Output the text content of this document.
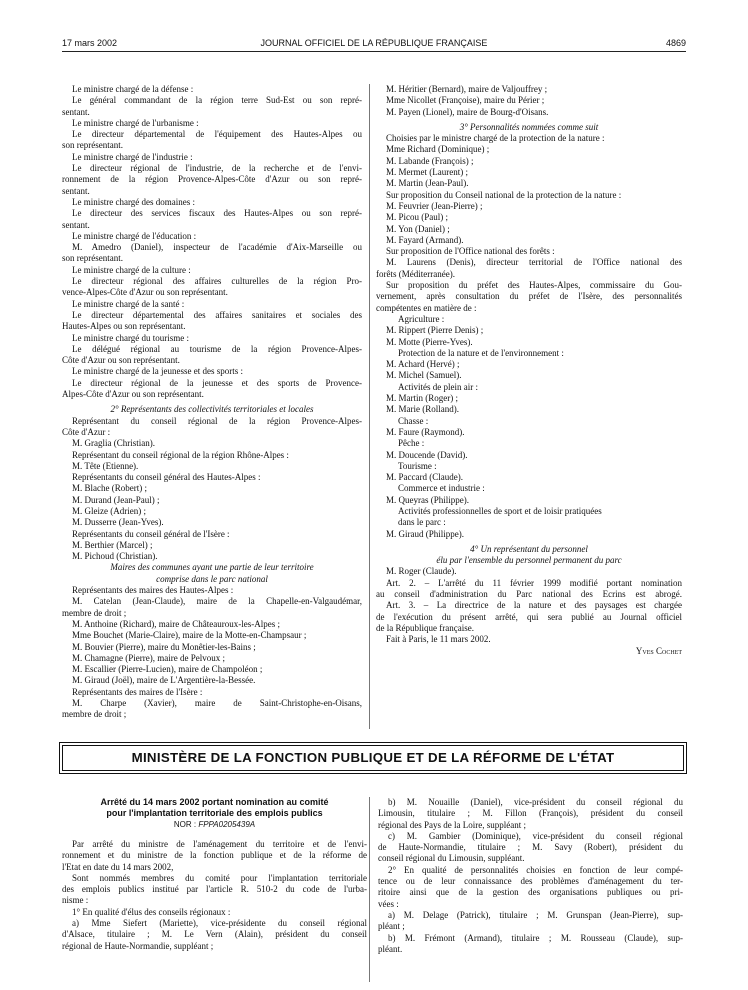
17 mars 2002	JOURNAL OFFICIEL DE LA RÉPUBLIQUE FRANÇAISE	4869
Le ministre chargé de la défense :
Le général commandant de la région terre Sud-Est ou son repré-
sentant.
Le ministre chargé de l'urbanisme :
Le directeur départemental de l'équipement des Hautes-Alpes ou
son représentant.
Le ministre chargé de l'industrie :
Le directeur régional de l'industrie, de la recherche et de l'envi-
ronnement de la région Provence-Alpes-Côte d'Azur ou son repré-
sentant.
Le ministre chargé des domaines :
Le directeur des services fiscaux des Hautes-Alpes ou son repré-
sentant.
Le ministre chargé de l'éducation :
M. Amedro (Daniel), inspecteur de l'académie d'Aix-Marseille ou
son représentant.
Le ministre chargé de la culture :
Le directeur régional des affaires culturelles de la région Pro-
vence-Alpes-Côte d'Azur ou son représentant.
Le ministre chargé de la santé :
Le directeur départemental des affaires sanitaires et sociales des
Hautes-Alpes ou son représentant.
Le ministre chargé du tourisme :
Le délégué régional au tourisme de la région Provence-Alpes-
Côte d'Azur ou son représentant.
Le ministre chargé de la jeunesse et des sports :
Le directeur régional de la jeunesse et des sports de Provence-
Alpes-Côte d'Azur ou son représentant.
2° Représentants des collectivités territoriales et locales
Représentant du conseil régional de la région Provence-Alpes-
Côte d'Azur :
M. Graglia (Christian).
Représentant du conseil régional de la région Rhône-Alpes :
M. Tête (Etienne).
Représentants du conseil général des Hautes-Alpes :
M. Blache (Robert) ;
M. Durand (Jean-Paul) ;
M. Gleize (Adrien) ;
M. Dusserre (Jean-Yves).
Représentants du conseil général de l'Isère :
M. Berthier (Marcel) ;
M. Pichoud (Christian).
Maires des communes ayant une partie de leur territoire
comprise dans le parc national
Représentants des maires des Hautes-Alpes :
M. Catelan (Jean-Claude), maire de la Chapelle-en-Valgaudémar,
membre de droit ;
M. Anthoine (Richard), maire de Châteauroux-les-Alpes ;
Mme Bouchet (Marie-Claire), maire de la Motte-en-Champsaur ;
M. Bouvier (Pierre), maire du Monêtier-les-Bains ;
M. Chamagne (Pierre), maire de Pelvoux ;
M. Escallier (Pierre-Lucien), maire de Champoléon ;
M. Giraud (Joël), maire de L'Argentière-la-Bessée.
Représentants des maires de l'Isère :
M. Charpe (Xavier), maire de Saint-Christophe-en-Oisans,
membre de droit ;
M. Héritier (Bernard), maire de Valjouffrey ;
Mme Nicollet (Françoise), maire du Périer ;
M. Payen (Lionel), maire de Bourg-d'Oisans.
3° Personnalités nommées comme suit
Choisies par le ministre chargé de la protection de la nature :
Mme Richard (Dominique) ;
M. Labande (François) ;
M. Mermet (Laurent) ;
M. Martin (Jean-Paul).
Sur proposition du Conseil national de la protection de la nature :
M. Feuvrier (Jean-Pierre) ;
M. Picou (Paul) ;
M. Yon (Daniel) ;
M. Fayard (Armand).
Sur proposition de l'Office national des forêts :
M. Laurens (Denis), directeur territorial de l'Office national des
forêts (Méditerranée).
Sur proposition du préfet des Hautes-Alpes, commissaire du Gou-
vernement, après consultation du préfet de l'Isère, des personnalités
compétentes en matière de :
Agriculture :
M. Rippert (Pierre Denis) ;
M. Motte (Pierre-Yves).
Protection de la nature et de l'environnement :
M. Achard (Hervé) ;
M. Michel (Samuel).
Activités de plein air :
M. Martin (Roger) ;
M. Marie (Rolland).
Chasse :
M. Faure (Raymond).
Pêche :
M. Doucende (David).
Tourisme :
M. Paccard (Claude).
Commerce et industrie :
M. Queyras (Philippe).
Activités professionnelles de sport et de loisir pratiquées
dans le parc :
M. Giraud (Philippe).
4° Un représentant du personnel
élu par l'ensemble du personnel permanent du parc
M. Roger (Claude).
Art. 2. – L'arrêté du 11 février 1999 modifié portant nomination
au conseil d'administration du Parc national des Ecrins est abrogé.
Art. 3. – La directrice de la nature et des paysages est chargée
de l'exécution du présent arrêté, qui sera publié au Journal officiel
de la République française.
Fait à Paris, le 11 mars 2002.
Yves Cochet
MINISTÈRE DE LA FONCTION PUBLIQUE ET DE LA RÉFORME DE L'ÉTAT
Arrêté du 14 mars 2002 portant nomination au comité
pour l'implantation territoriale des emplois publics
NOR : FPPA0205439A
Par arrêté du ministre de l'aménagement du territoire et de l'envi-
ronnement et du ministre de la fonction publique et de la réforme de
l'Etat en date du 14 mars 2002,
Sont nommés membres du comité pour l'implantation territoriale
des emplois publics institué par l'article R. 510-2 du code de l'urba-
nisme :
1° En qualité d'élus des conseils régionaux :
a) Mme Siefert (Mariette), vice-présidente du conseil régional
d'Alsace, titulaire ; M. Le Vern (Alain), président du conseil
régional de Haute-Normandie, suppléant ;
b) M. Nouaille (Daniel), vice-président du conseil régional du
Limousin, titulaire ; M. Fillon (François), président du conseil
régional des Pays de la Loire, suppléant ;
c) M. Gambier (Dominique), vice-président du conseil régional
de Haute-Normandie, titulaire ; M. Savy (Robert), président du
conseil régional du Limousin, suppléant.
2° En qualité de personnalités choisies en fonction de leur compé-
tence ou de leur connaissance des problèmes d'aménagement du ter-
ritoire ainsi que de la gestion des organisations publiques ou pri-
vées :
a) M. Delage (Patrick), titulaire ; M. Grunspan (Jean-Pierre), sup-
pléant ;
b) M. Frémont (Armand), titulaire ; M. Rousseau (Claude), sup-
pléant.
